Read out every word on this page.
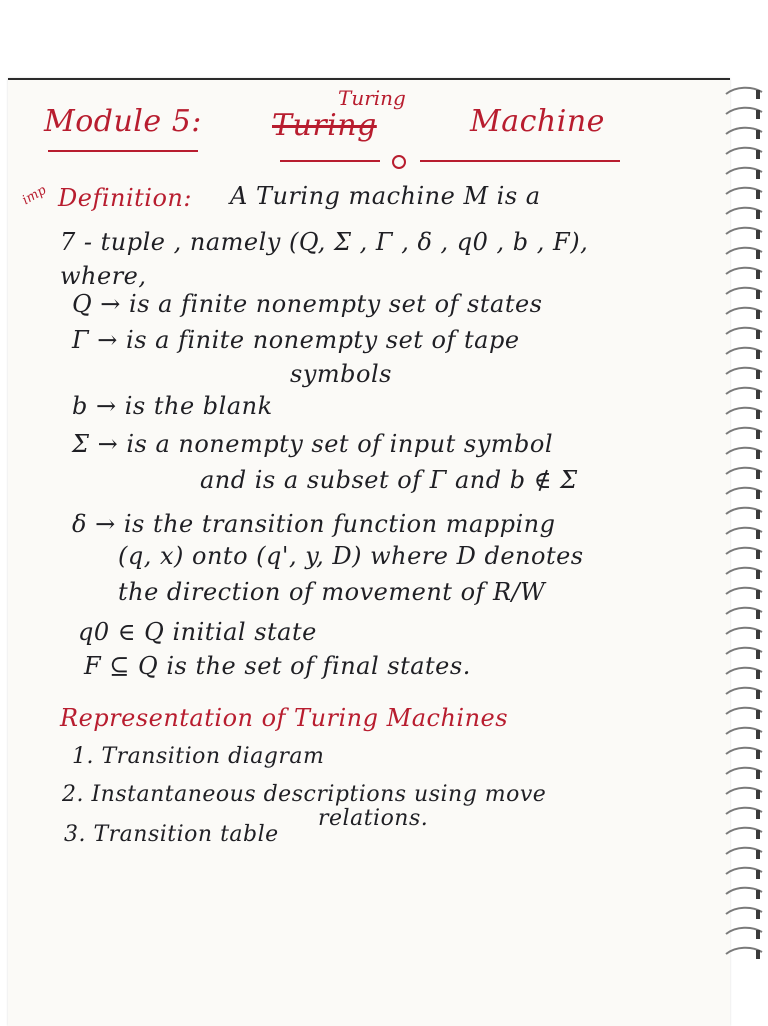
Module 5:
Turing
Turing	Machine
imp Definition: A Turing machine M is a
7 - tuple , namely (Q, Σ , Γ , δ , q0 , b , F),
where,
Q → is a finite nonempty set of states
Γ → is a finite nonempty set of tape
symbols
b → is the blank
Σ → is a nonempty set of input symbol
and is a subset of Γ and b ∉ Σ
δ → is the transition function mapping
(q, x) onto (q', y, D) where D denotes
the direction of movement of R/W
q0 ∈ Q initial state
F ⊆ Q is the set of final states.
Representation of Turing Machines
1. Transition diagram
2. Instantaneous descriptions using move
relations.
3. Transition table
